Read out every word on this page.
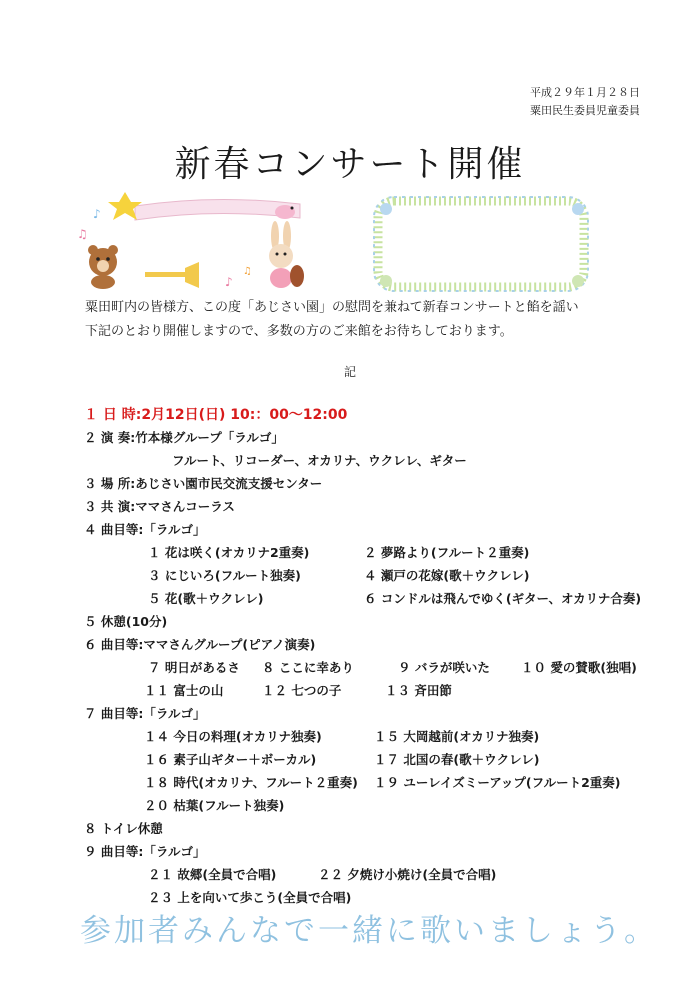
平成２９年１月２８日
粟田民生委員児童委員
新春コンサート開催
♪
♫
♪
♫
粟田町内の皆様方、この度「あじさい園」の慰問を兼ねて新春コンサートと餡を謡い
下記のとおり開催しますので、多数の方のご来館をお待ちしております。
記
１ 日 時:2月12日(日) 10:：00～12:00
２ 演 奏:竹本様グループ「ラルゴ」
フルート、リコーダー、オカリナ、ウクレレ、ギター
３ 場 所:あじさい園市民交流支援センター
３ 共 演:ママさんコーラス
４ 曲目等:「ラルゴ」
１ 花は咲く(オカリナ2重奏)	２ 夢路より(フルート２重奏)
３ にじいろ(フルート独奏)	４ 瀬戸の花嫁(歌＋ウクレレ)
５ 花(歌＋ウクレレ)	６ コンドルは飛んでゆく(ギター、オカリナ合奏)
５ 休憩(10分)
６ 曲目等:ママさんグループ(ピアノ演奏)
７ 明日があるさ ８ ここに幸あり	９ バラが咲いた １０ 愛の賛歌(独唱)
１１ 富士の山	１２ 七つの子	１３ 斉田節
７ 曲目等:「ラルゴ」
１４ 今日の料理(オカリナ独奏)	１５ 大岡越前(オカリナ独奏)
１６ 素子山ギター＋ボーカル)	１７ 北国の春(歌＋ウクレレ)
１８ 時代(オカリナ、フルート２重奏) １９ ユーレイズミーアップ(フルート2重奏)
２０ 枯葉(フルート独奏)
８ トイレ休憩
９ 曲目等:「ラルゴ」
２１ 故郷(全員で合唱)	２２ 夕焼け小焼け(全員で合唱)
２３ 上を向いて歩こう(全員で合唱)
参加者みんなで一緒に歌いましょう。
